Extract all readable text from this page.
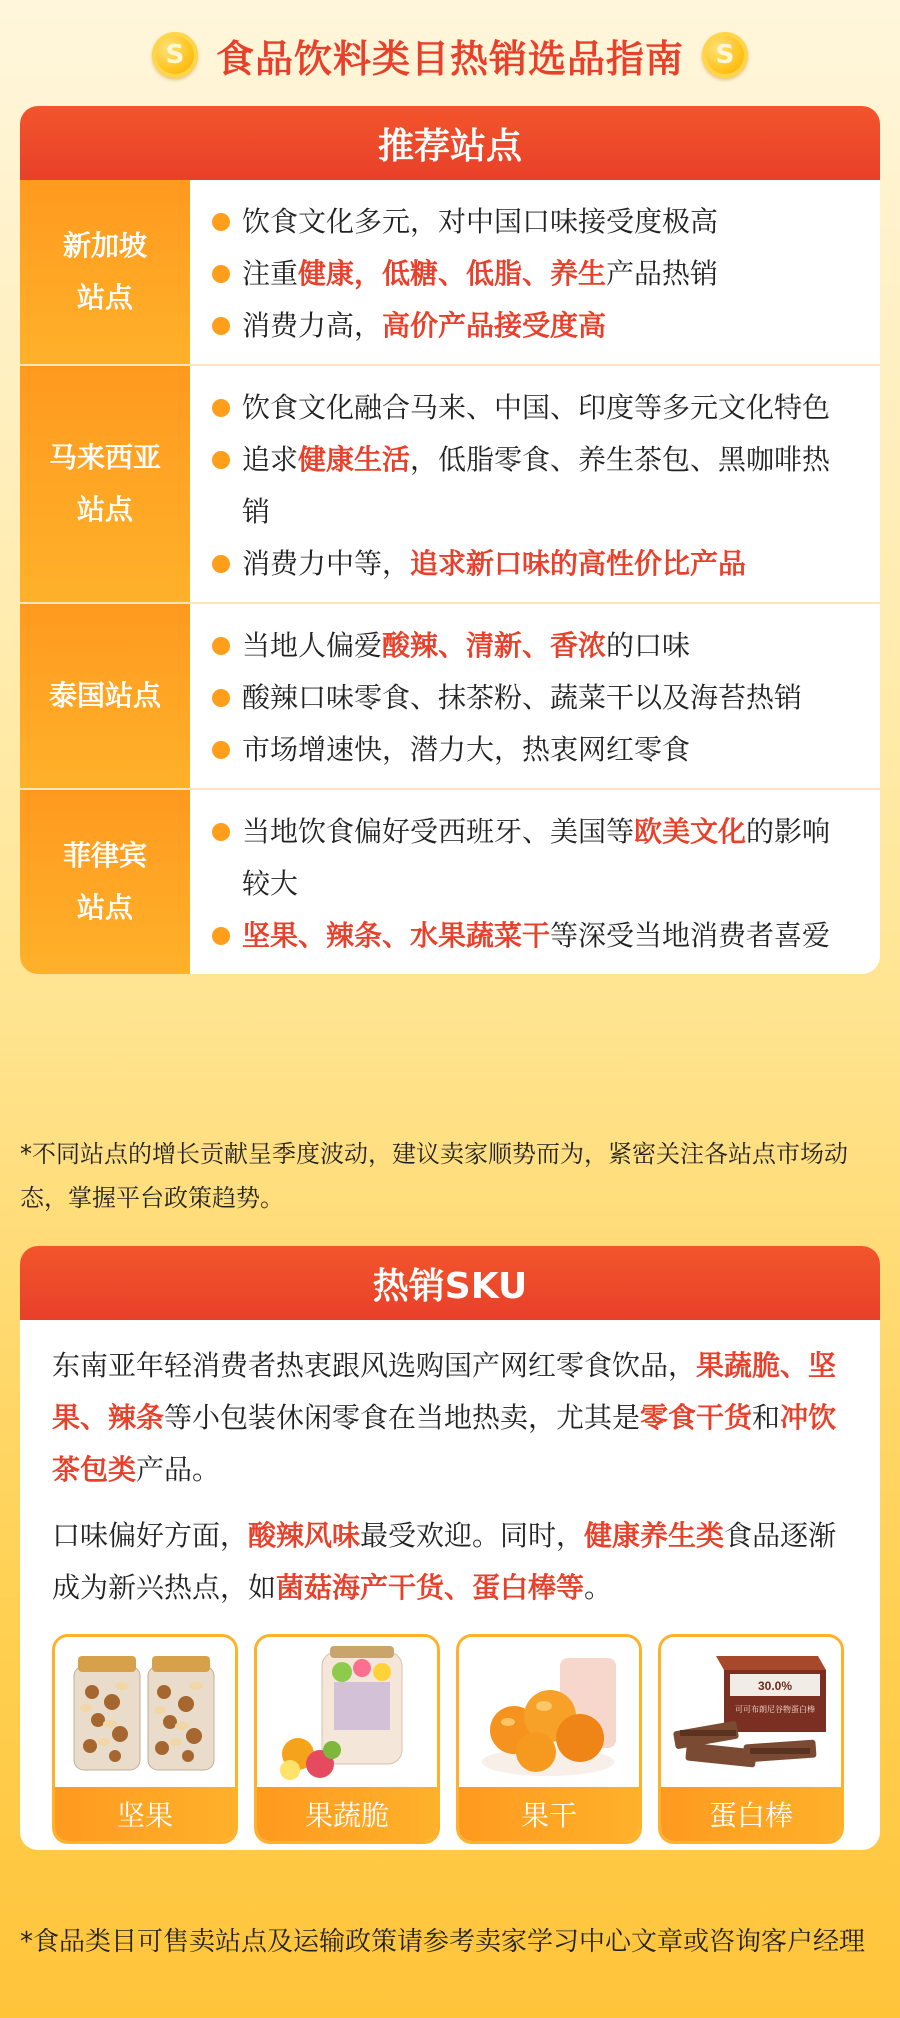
S 食品饮料类目热销选品指南 S
推荐站点
新加坡
站点
饮食文化多元，对中国口味接受度极高
注重健康，低糖、低脂、养生产品热销
消费力高，高价产品接受度高
马来西亚
站点
饮食文化融合马来、中国、印度等多元文化特色
追求健康生活，低脂零食、养生茶包、黑咖啡热销
消费力中等，追求新口味的高性价比产品
泰国站点
当地人偏爱酸辣、清新、香浓的口味
酸辣口味零食、抹茶粉、蔬菜干以及海苔热销
市场增速快，潜力大，热衷网红零食
菲律宾
站点
当地饮食偏好受西班牙、美国等欧美文化的影响较大
坚果、辣条、水果蔬菜干等深受当地消费者喜爱
*不同站点的增长贡献呈季度波动，建议卖家顺势而为，紧密关注各站点市场动态，掌握平台政策趋势。
热销SKU
东南亚年轻消费者热衷跟风选购国产网红零食饮品，果蔬脆、坚果、辣条等小包装休闲零食在当地热卖，尤其是零食干货和冲饮茶包类产品。
口味偏好方面，酸辣风味最受欢迎。同时，健康养生类食品逐渐成为新兴热点，如菌菇海产干货、蛋白棒等。
坚果	果蔬脆	果干
30.0%
可可布朗尼谷物蛋白棒
蛋白棒
*食品类目可售卖站点及运输政策请参考卖家学习中心文章或咨询客户经理
